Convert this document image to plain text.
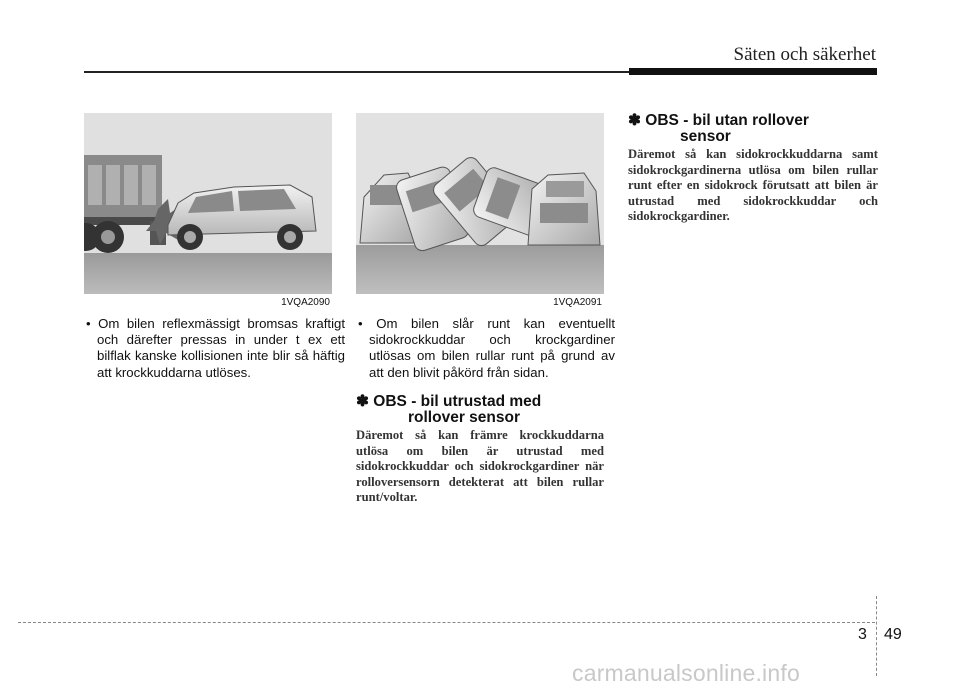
Säten och säkerhet
1VQA2090	1VQA2091
• Om bilen reflexmässigt bromsas kraftigt och därefter pressas in under t ex ett bilflak kanske kollisionen inte blir så häftig att krockkuddarna utlöses.
• Om bilen slår runt kan eventuellt sidokrockkuddar och krockgardiner utlösas om bilen rullar runt på grund av att den blivit påkörd från sidan.
✽ OBS - bil utrustad med
rollover sensor
Däremot så kan främre krockkuddarna utlösa om bilen är utrustad med sidokrockkuddar och sidokrockgardiner när rolloversensorn detekterat att bilen rullar runt/voltar.
✽ OBS - bil utan rollover
sensor
Däremot så kan sidokrockkuddarna samt sidokrockgardinerna utlösa om bilen rullar runt efter en sidokrock förutsatt att bilen är utrustad med sidokrockkuddar och sidokrockgardiner.
3 49
carmanualsonline.info
